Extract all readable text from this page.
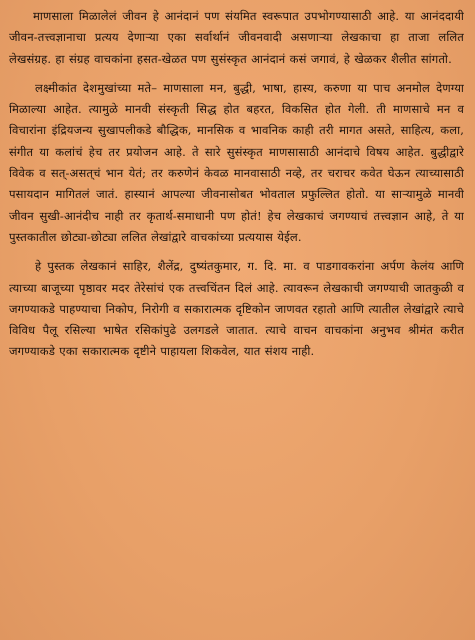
माणसाला मिळालेलं जीवन हे आनंदानं पण संयमित स्वरूपात उपभोगण्यासाठी आहे. या आनंददायी जीवन-तत्त्वज्ञानाचा प्रत्यय देणाऱ्या एका सर्वार्थानं जीवनवादी असणाऱ्या लेखकाचा हा ताजा ललित लेखसंग्रह. हा संग्रह वाचकांना हसत-खेळत पण सुसंस्कृत आनंदानं कसं जगावं, हे खेळकर शैलीत सांगतो.

लक्ष्मीकांत देशमुखांच्या मते– माणसाला मन, बुद्धी, भाषा, हास्य, करुणा या पाच अनमोल देणग्या मिळाल्या आहेत. त्यामुळे मानवी संस्कृती सिद्ध होत बहरत, विकसित होत गेली. ती माणसाचे मन व विचारांना इंद्रियजन्य सुखापलीकडे बौद्धिक, मानसिक व भावनिक काही तरी मागत असते, साहित्य, कला, संगीत या कलांचं हेच तर प्रयोजन आहे. ते सारे सुसंस्कृत माणसासाठी आनंदाचे विषय आहेत. बुद्धीद्वारे विवेक व सत्-असत्‌चं भान येतं; तर करुणेनं केवळ मानवासाठी नव्हे, तर चराचर कवेत घेऊन त्याच्यासाठी पसायदान मागितलं जातं. हास्यानं आपल्या जीवनासोबत भोवताल प्रफुल्लित होतो. या साऱ्यामुळे मानवी जीवन सुखी-आनंदीच नाही तर कृतार्थ-समाधानी पण होतं! हेच लेखकाचं जगण्याचं तत्त्वज्ञान आहे, ते या पुस्तकातील छोट्या-छोट्या ललित लेखांद्वारे वाचकांच्या प्रत्ययास येईल.

हे पुस्तक लेखकानं साहिर, शैलेंद्र, दुष्यंतकुमार, ग. दि. मा. व पाडगावकरांना अर्पण केलंय आणि त्याच्या बाजूच्या पृष्ठावर मदर तेरेसांचं एक तत्त्वचिंतन दिलं आहे. त्यावरून लेखकाची जगण्याची जातकुळी व जगण्याकडे पाहण्याचा निकोप, निरोगी व सकारात्मक दृष्टिकोन जाणवत रहातो आणि त्यातील लेखांद्वारे त्याचे विविध पैलू रसिल्या भाषेत रसिकांपुढे उलगडले जातात. त्याचे वाचन वाचकांना अनुभव श्रीमंत करीत जगण्याकडे एका सकारात्मक दृष्टीने पाहायला शिकवेल, यात संशय नाही.
